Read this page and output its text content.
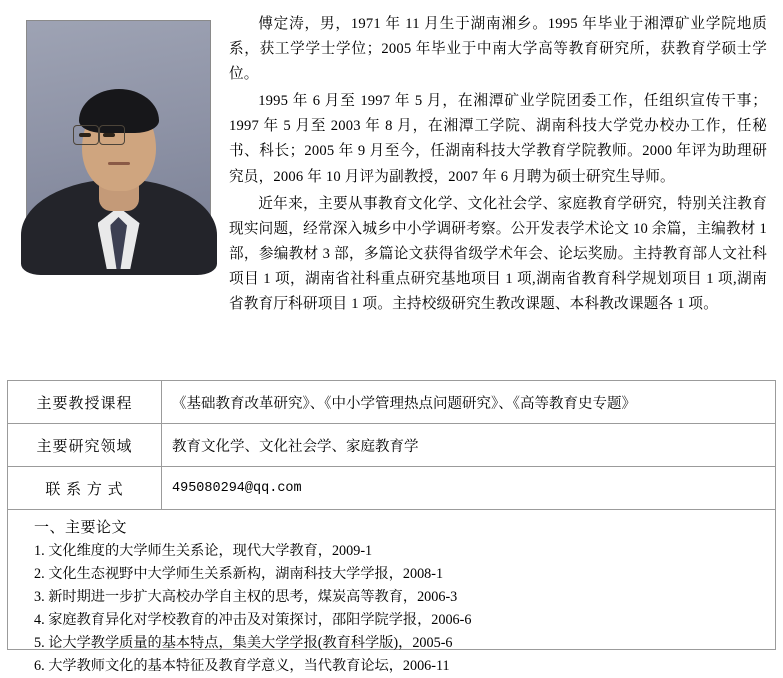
傅定涛，男，1971 年 11 月生于湖南湘乡。1995 年毕业于湘潭矿业学院地质系，获工学学士学位；2005 年毕业于中南大学高等教育研究所，获教育学硕士学位。

1995 年 6 月至 1997 年 5 月，在湘潭矿业学院团委工作，任组织宣传干事；1997 年 5 月至 2003 年 8 月，在湘潭工学院、湖南科技大学党办校办工作，任秘书、科长；2005 年 9 月至今，任湖南科技大学教育学院教师。2000 年评为助理研究员，2006 年 10 月评为副教授，2007 年 6 月聘为硕士研究生导师。

近年来，主要从事教育文化学、文化社会学、家庭教育学研究，特别关注教育现实问题，经常深入城乡中小学调研考察。公开发表学术论文 10 余篇，主编教材 1 部，参编教材 3 部，多篇论文获得省级学术年会、论坛奖励。主持教育部人文社科项目 1 项，湖南省社科重点研究基地项目 1 项,湖南省教育科学规划项目 1 项,湖南省教育厅科研项目 1 项。主持校级研究生教改课题、本科教改课题各 1 项。

主要教授课程	《基础教育改革研究》、《中小学管理热点问题研究》、《高等教育史专题》
主要研究领域	教育文化学、文化社会学、家庭教育学
联 系 方 式	495080294@qq.com
一、主要论文
1. 文化维度的大学师生关系论，现代大学教育，2009-1
2. 文化生态视野中大学师生关系新构，湖南科技大学学报，2008-1
3. 新时期进一步扩大高校办学自主权的思考，煤炭高等教育，2006-3
4. 家庭教育异化对学校教育的冲击及对策探讨，邵阳学院学报，2006-6
5. 论大学教学质量的基本特点，集美大学学报(教育科学版)，2005-6
6. 大学教师文化的基本特征及教育学意义，当代教育论坛，2006-11
